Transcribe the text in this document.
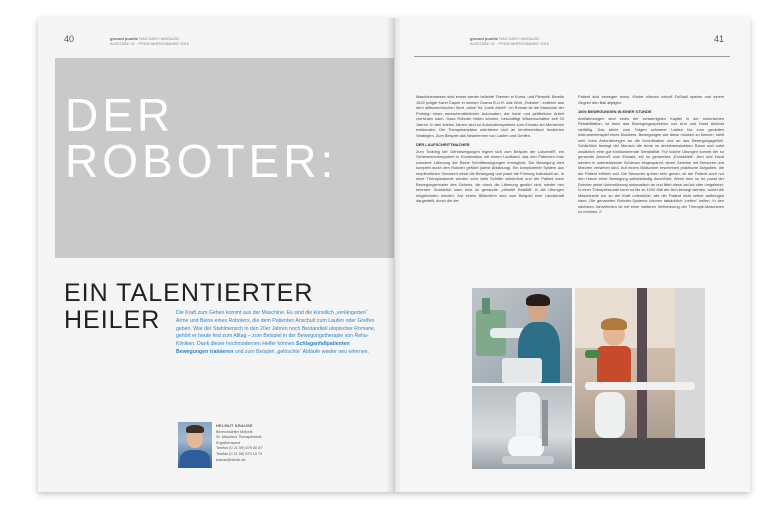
40	ground punkte DAS DAVO MAGAZIN
AUSGABE 01 · FRÜHJAHR/SOMMER 2010
DER
ROBOTER:
EIN TALENTIERTER
HEILER	Die Kraft zum Gehen kommt aus der Maschine. Es sind die künstlich „verlängerten“ Arme und Beine eines Roboters, die dem Patienten Anschub zum Laufen oder Greifen geben. War der Stahlmensch in den 20er Jahren noch Bestandteil utopischer Romane, gehört er heute fest zum Alltag – zum Beispiel in der Bewegungstherapie von Reha-Kliniken. Dank dieser hochmodernen Helfer können Schlaganfallpatienten Bewegungen trainieren und zum Beispiel „gelöschte“ Abläufe wieder neu erlernen.
HELMUT KRAUSE
Bereichsleiter Motorik
St. Mauritius Therapieklinik
Ergotherapeut
Telefon (0 21 59) 679 50 87
Telefax (0 21 59) 679 15 79
krause@stmtk.de
ground punkte DAS DAVO MAGAZIN
AUSGABE 01 · FRÜHJAHR/SOMMER 2010	41
Maschinenwesen sind immer wieder beliebte Themen in Kunst- und Filmwelt. Bereits 1922 prägte Karel Čapek in seinem Drama R.U.R. das Wort „Roboter“, entlehnt aus dem altitschechischen Wort „robot“ für „harte Arbeit“. Im Roman ist die Maschine der Prototyp eines menschenähnlichen Automaten, der harte und gefährliche Arbeit verrichten kann. Dass Roboter heilen können, beschäftigt Wissenschaftler seit 20 Jahren. In den letzten Jahren sind so Automatensysteme zum Einsatz am Menschen entstanden. Die Therapieansätze orientieren sich an lerntheoretisch fundierten Strategien. Zum Beispiel das Neuerlernen von Laufen und Greifen.
DER LAUFSCHRITTMACHER
Zum Training der Gehbewegungen eignet sich zum Beispiel der Lokomat®, ein Schienenmotorsystem in Kombination mit einem Laufband, das den Patienten trotz schwerer Lähmung der Beine Schrittbewegungen ermöglicht. Die Bewegung wird komplett durch den Roboter geführt (siehe Abbildung). Ein komplizierter System aus empfindlichen Sensoren misst die Bewegung und passt die Führung individuell an. In einer Therapiestunde werden sehr viele Schritte wiederholt und der Patient kann Bewegungsmuster des Gehens, die durch die Lähmung gestört sind, wieder neu erlernen. Zusätzlich kann eine so genannte „virtuelle Realität“ in die Übungen eingebunden werden. Auf einem Bildschirm wird zum Beispiel eine Landschaft dargestellt, durch die der
Patient sich bewegen muss. Kinder können virtuell Fußball spielen und einem Gegner den Ball abjagen.
1000 BEWEGUNGEN IN EINER STUNDE
Armlähmungen sind eines der schwierigsten Kapitel in der motorischen Rehabilitation, ist doch das Bewegungsspektrum von Arm und Hand äußerst vielfältig. Das reicht vom Tragen schwerer Lasten bis zum gezielten Instrumentenspiel eines Musikers. Bewegungen wie diese müssen zu können, stellt sehr hohe Anforderungen an die Koordination und an das Bewegungsgefühl. Schließlich bewegt der Mensch die Arme im dreidimensionalen Raum und nutzt zusätzlich eine gut funktionierende Sensibilität. Für solche Übungen kommt der so genannte Armeo® zum Einsatz, ein so genanntes „Exoskelett“: Arm und Hand werden in unterstützende Schienen eingespannt, deren Gelenke mit Sensoren und Motoren versehen sind. Auf einem Bildschirm erscheinen praktische Aufgaben, die der Patient erfüllen soll. Die Sensoren spüren sehr genau, ob der Patient auch nur den Hauch einer Bewegung selbstständig durchführt. Wenn dem so ist, passt der Roboter seine Unterstützung automatisch an und fährt diese zurück oder umgekehrt. In einer Therapiestunde kann so bis zu 1000 Mal der Arm bewegt werden, wobei die Maschinerie nur so viel Kraft unterstützt, wie der Patient nicht selber aufbringen kann. Die genannten Roboter-Systeme können tatsächlich „heilen“ helfen. In den nächsten Jahrzehnten ist mit einer weiteren Verfeinerung der Therapie-Maschinen zu rechnen. //
